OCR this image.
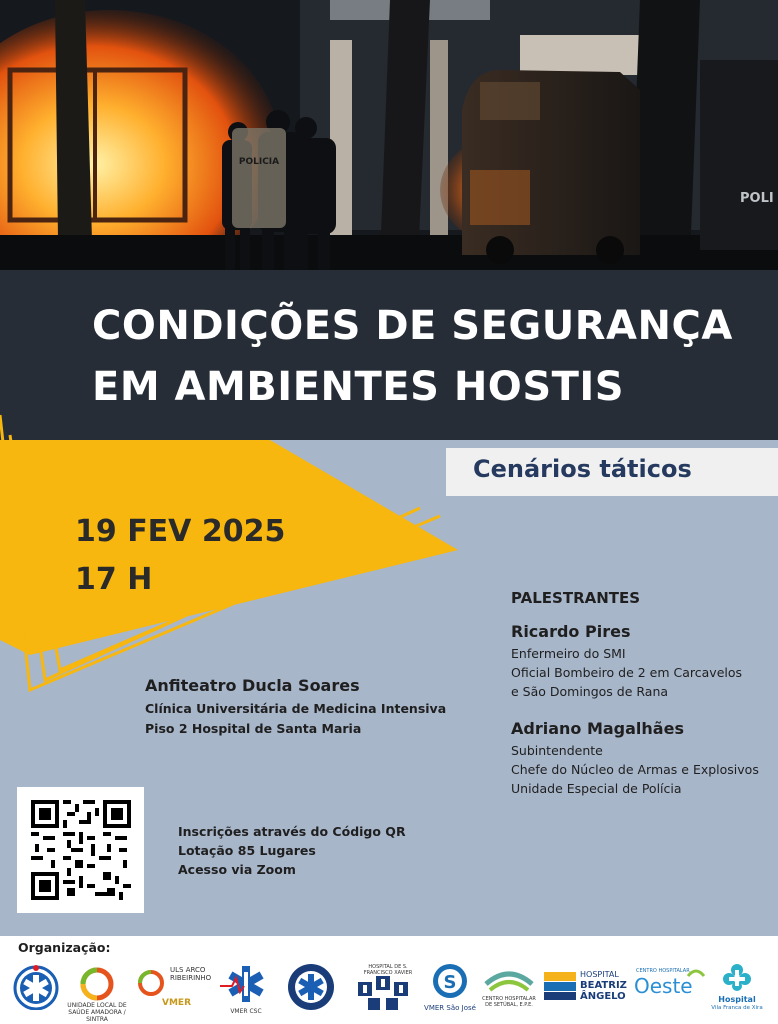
POLICIA
POLI
CONDIÇÕES DE SEGURANÇA
EM AMBIENTES HOSTIS
Cenários táticos
19 FEV 2025
17 H
Anfiteatro Ducla Soares
Clínica Universitária de Medicina Intensiva
Piso 2 Hospital de Santa Maria
PALESTRANTES
Ricardo Pires
Enfermeiro do SMI
Oficial Bombeiro de 2 em Carcavelos
e São Domingos de Rana
Adriano Magalhães
Subintendente
Chefe do Núcleo de Armas e Explosivos
Unidade Especial de Polícia
Inscrições através do Código QR
Lotação 85 Lugares
Acesso via Zoom
Organização:
UNIDADE LOCAL DE SAÚDE AMADORA / SINTRA
ULS ARCO RIBEIRINHO
VMER
VMER CSC
HOSPITAL DE S. FRANCISCO XAVIER	S
VMER São José
CENTRO HOSPITALAR DE SETÚBAL, E.P.E.
HOSPITAL
BEATRIZ ÂNGELO
CENTRO HOSPITALAR
Oeste
Hospital
Vila Franca de Xira
